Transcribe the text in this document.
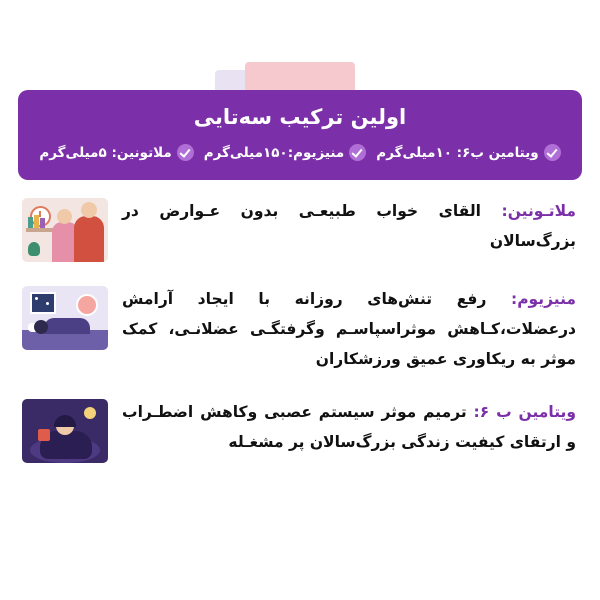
اولین ترکیب سه‌تایی
ویتامین ب۶: ۱۰میلی‌گرم
منیزیوم:۱۵۰میلی‌گرم
ملاتونین: ۵میلی‌گرم
ملاتـونین: القای خواب طبیعـی بدون عـوارض در بزرگ‌سالان
منیزیوم: رفع تنش‌های روزانه با ایجاد آرامش درعضلات،کـاهش موثراسپاسـم وگرفتگـی عضلانـی، کمک موثر به ریکاوری عمیق ورزشکاران
ویتامین ب ۶: ترمیم موثر سیستم عصبی وکاهش اضطـراب و ارتقای کیفیت زندگی بزرگ‌سالان پر مشغـله
